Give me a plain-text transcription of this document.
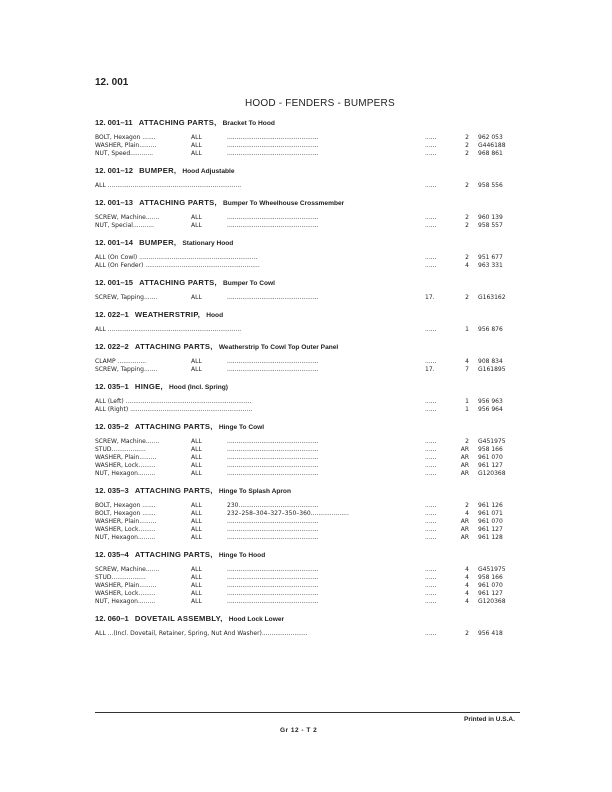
12. 001
HOOD - FENDERS - BUMPERS
12. 001–11 ATTACHING PARTS, Bracket To Hood
BOLT, Hexagon .......	ALL	................................................	......	2 962 053
WASHER, Plain.........	ALL	................................................	......	2 G446188
NUT, Speed............	ALL	................................................	......	2 968 861
12. 001–12 BUMPER, Hood Adjustable
ALL ......................................................................	......	2 958 556
12. 001–13 ATTACHING PARTS, Bumper To Wheelhouse Crossmember
SCREW, Machine.......	ALL	................................................	......	2 960 139
NUT, Special...........	ALL	................................................	......	2 958 557
12. 001–14 BUMPER, Stationary Hood
ALL (On Cowl) ..............................................................	......	2 951 677
ALL (On Fender) ............................................................	......	4 963 331
12. 001–15 ATTACHING PARTS, Bumper To Cowl
SCREW, Tapping.......	ALL	................................................	17.	2 G163162
12. 022–1 WEATHERSTRIP, Hood
ALL ......................................................................	......	1 956 876
12. 022–2 ATTACHING PARTS, Weatherstrip To Cowl Top Outer Panel
CLAMP ...............	ALL	................................................	......	4 908 834
SCREW, Tapping.......	ALL	................................................	17.	7 G161895
12. 035–1 HINGE, Hood (Incl. Spring)
ALL (Left) ..................................................................	......	1 956 963
ALL (Right) ................................................................	......	1 956 964
12. 035–2 ATTACHING PARTS, Hinge To Cowl
SCREW, Machine.......	ALL	................................................	......	2 G451975
STUD..................	ALL	................................................	......	AR 958 166
WASHER, Plain.........	ALL	................................................	......	AR 961 070
WASHER, Lock.........	ALL	................................................	......	AR 961 127
NUT, Hexagon.........	ALL	................................................	......	AR G120368
12. 035–3 ATTACHING PARTS, Hinge To Splash Apron
BOLT, Hexagon .......	ALL	230..........................................	......	2 961 126
BOLT, Hexagon .......	ALL	232–258–304–327–350–360....................	......	4 961 071
WASHER, Plain.........	ALL	................................................	......	AR 961 070
WASHER, Lock.........	ALL	................................................	......	AR 961 127
NUT, Hexagon.........	ALL	................................................	......	AR 961 128
12. 035–4 ATTACHING PARTS, Hinge To Hood
SCREW, Machine.......	ALL	................................................	......	4 G451975
STUD..................	ALL	................................................	......	4 958 166
WASHER, Plain.........	ALL	................................................	......	4 961 070
WASHER, Lock.........	ALL	................................................	......	4 961 127
NUT, Hexagon.........	ALL	................................................	......	4 G120368
12. 060–1 DOVETAIL ASSEMBLY, Hood Lock Lower
ALL ...(Incl. Dovetail, Retainer, Spring, Nut And Washer)........................	......	2 956 418
Printed in U.S.A.
Gr 12 - T 2
